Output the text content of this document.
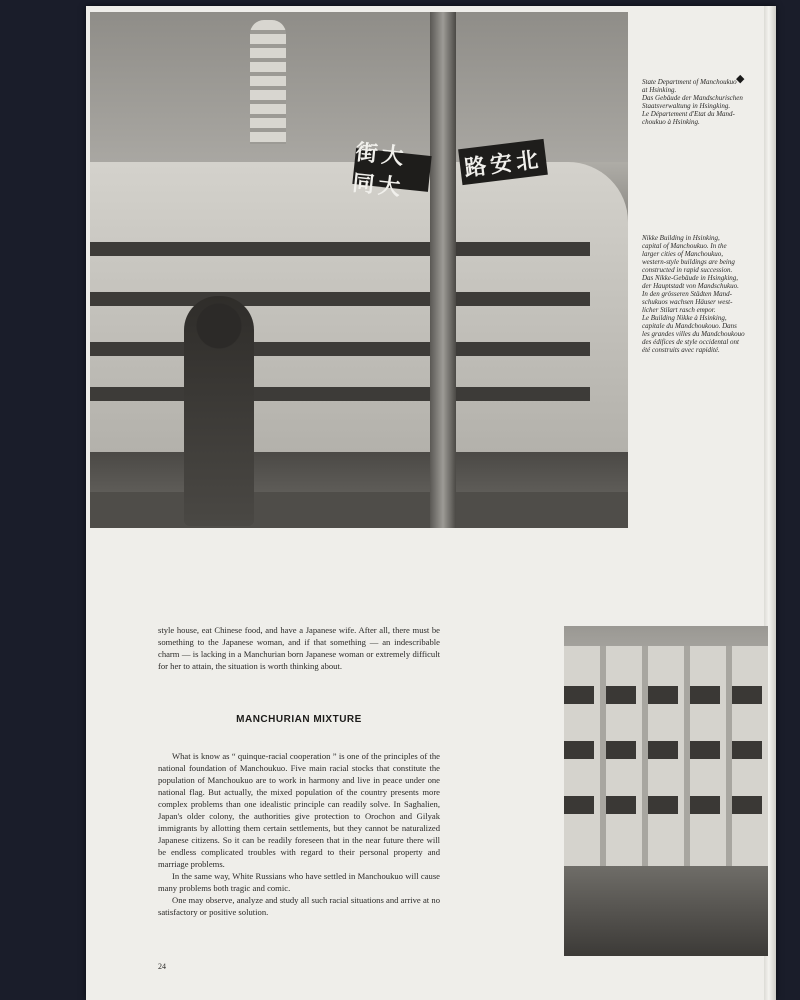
街大同大
路安北
◆
State Department of Manchoukuo
at Hsinking.
Das Gebäude der Mandschurischen
Staatsverwaltung in Hsingking.
Le Département d'Etat du Mand-
choukuo à Hsinking.
Nikke Building in Hsinking,
capital of Manchoukuo. In the
larger cities of Manchoukuo,
western-style buildings are being
constructed in rapid succession.
Das Nikke-Gebäude in Hsingking,
der Hauptstadt von Mandschukuo.
In den grösseren Städten Mand-
schukuos wachsen Häuser west-
licher Stilart rasch empor.
Le Building Nikke à Hsinking,
capitale du Mandchoukouo. Dans
les grandes villes du Mandchoukouo
des édifices de style occidental ont
été construits avec rapidité.
style house, eat Chinese food, and have a Japanese wife. After all, there must be something to the Japanese woman, and if that something — an indescribable charm — is lacking in a Manchurian born Japanese woman or extremely difficult for her to attain, the situation is worth thinking about.
MANCHURIAN MIXTURE

What is know as “ quinque-racial cooperation ” is one of the principles of the national foundation of Manchoukuo. Five main racial stocks that constitute the population of Manchoukuo are to work in harmony and live in peace under one national flag. But actually, the mixed population of the country presents more complex problems than one idealistic principle can readily solve. In Saghalien, Japan's older colony, the authorities give protection to Orochon and Gilyak immigrants by allotting them certain settlements, but they cannot be naturalized Japanese citizens. So it can be readily foreseen that in the near future there will be endless complicated troubles with regard to their personal property and marriage problems.

In the same way, White Russians who have settled in Manchoukuo will cause many problems both tragic and comic.

One may observe, analyze and study all such racial situations and arrive at no satisfactory or positive solution.

24
